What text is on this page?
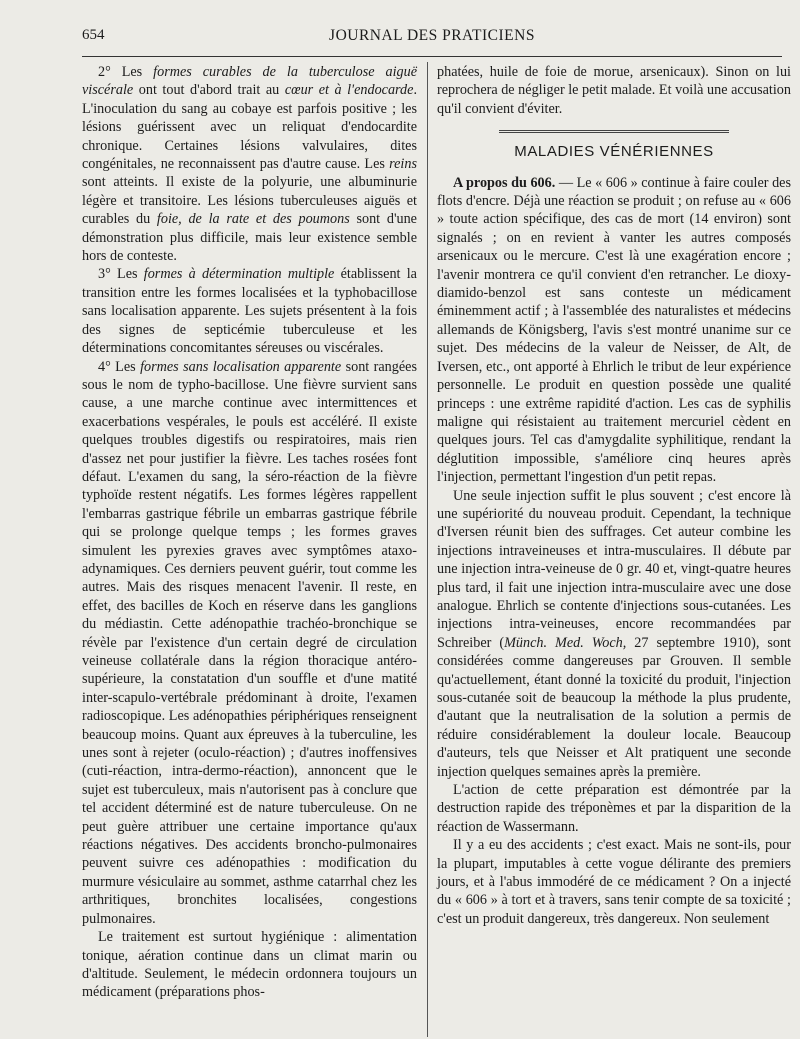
654	JOURNAL DES PRATICIENS

2° Les formes curables de la tuberculose aiguë viscérale ont tout d'abord trait au cœur et à l'endocarde. L'inoculation du sang au cobaye est parfois positive ; les lésions guérissent avec un reliquat d'endocardite chronique. Certaines lésions valvulaires, dites congénitales, ne reconnaissent pas d'autre cause. Les reins sont atteints. Il existe de la polyurie, une albuminurie légère et transitoire. Les lésions tuberculeuses aiguës et curables du foie, de la rate et des poumons sont d'une démonstration plus difficile, mais leur existence semble hors de conteste.

3° Les formes à détermination multiple établissent la transition entre les formes localisées et la typhobacillose sans localisation apparente. Les sujets présentent à la fois des signes de septicémie tuberculeuse et les déterminations concomitantes séreuses ou viscérales.

4° Les formes sans localisation apparente sont rangées sous le nom de typho-bacillose. Une fièvre survient sans cause, a une marche continue avec intermittences et exacerbations vespérales, le pouls est accéléré. Il existe quelques troubles digestifs ou respiratoires, mais rien d'assez net pour justifier la fièvre. Les taches rosées font défaut. L'examen du sang, la séro-réaction de la fièvre typhoïde restent négatifs. Les formes légères rappellent l'embarras gastrique fébrile un embarras gastrique fébrile qui se prolonge quelque temps ; les formes graves simulent les pyrexies graves avec symptômes ataxo-adynamiques. Ces derniers peuvent guérir, tout comme les autres. Mais des risques menacent l'avenir. Il reste, en effet, des bacilles de Koch en réserve dans les ganglions du médiastin. Cette adénopathie trachéo-bronchique se révèle par l'existence d'un certain degré de circulation veineuse collatérale dans la région thoracique antéro-supérieure, la constatation d'un souffle et d'une matité inter-scapulo-vertébrale prédominant à droite, l'examen radioscopique. Les adénopathies périphériques renseignent beaucoup moins. Quant aux épreuves à la tuberculine, les unes sont à rejeter (oculo-réaction) ; d'autres inoffensives (cuti-réaction, intra-dermo-réaction), annoncent que le sujet est tuberculeux, mais n'autorisent pas à conclure que tel accident déterminé est de nature tuberculeuse. On ne peut guère attribuer une certaine importance qu'aux réactions négatives. Des accidents broncho-pulmonaires peuvent suivre ces adénopathies : modification du murmure vésiculaire au sommet, asthme catarrhal chez les arthritiques, bronchites localisées, congestions pulmonaires.

Le traitement est surtout hygiénique : alimentation tonique, aération continue dans un climat marin ou d'altitude. Seulement, le médecin ordonnera toujours un médicament (préparations phos-

phatées, huile de foie de morue, arsenicaux). Sinon on lui reprochera de négliger le petit malade. Et voilà une accusation qu'il convient d'éviter.

MALADIES VÉNÉRIENNES

A propos du 606. — Le « 606 » continue à faire couler des flots d'encre. Déjà une réaction se produit ; on refuse au « 606 » toute action spécifique, des cas de mort (14 environ) sont signalés ; on en revient à vanter les autres composés arsenicaux ou le mercure. C'est là une exagération encore ; l'avenir montrera ce qu'il convient d'en retrancher. Le dioxy-diamido-benzol est sans conteste un médicament éminemment actif ; à l'assemblée des naturalistes et médecins allemands de Königsberg, l'avis s'est montré unanime sur ce sujet. Des médecins de la valeur de Neisser, de Alt, de Iversen, etc., ont apporté à Ehrlich le tribut de leur expérience personnelle. Le produit en question possède une qualité princeps : une extrême rapidité d'action. Les cas de syphilis maligne qui résistaient au traitement mercuriel cèdent en quelques jours. Tel cas d'amygdalite syphilitique, rendant la déglutition impossible, s'améliore cinq heures après l'injection, permettant l'ingestion d'un petit repas.

Une seule injection suffit le plus souvent ; c'est encore là une supériorité du nouveau produit. Cependant, la technique d'Iversen réunit bien des suffrages. Cet auteur combine les injections intraveineuses et intra-musculaires. Il débute par une injection intra-veineuse de 0 gr. 40 et, vingt-quatre heures plus tard, il fait une injection intra-musculaire avec une dose analogue. Ehrlich se contente d'injections sous-cutanées. Les injections intra-veineuses, encore recommandées par Schreiber (Münch. Med. Woch, 27 septembre 1910), sont considérées comme dangereuses par Grouven. Il semble qu'actuellement, étant donné la toxicité du produit, l'injection sous-cutanée soit de beaucoup la méthode la plus prudente, d'autant que la neutralisation de la solution a permis de réduire considérablement la douleur locale. Beaucoup d'auteurs, tels que Neisser et Alt pratiquent une seconde injection quelques semaines après la première.

L'action de cette préparation est démontrée par la destruction rapide des tréponèmes et par la disparition de la réaction de Wassermann.

Il y a eu des accidents ; c'est exact. Mais ne sont-ils, pour la plupart, imputables à cette vogue délirante des premiers jours, et à l'abus immodéré de ce médicament ? On a injecté du « 606 » à tort et à travers, sans tenir compte de sa toxicité ; c'est un produit dangereux, très dangereux. Non seulement
